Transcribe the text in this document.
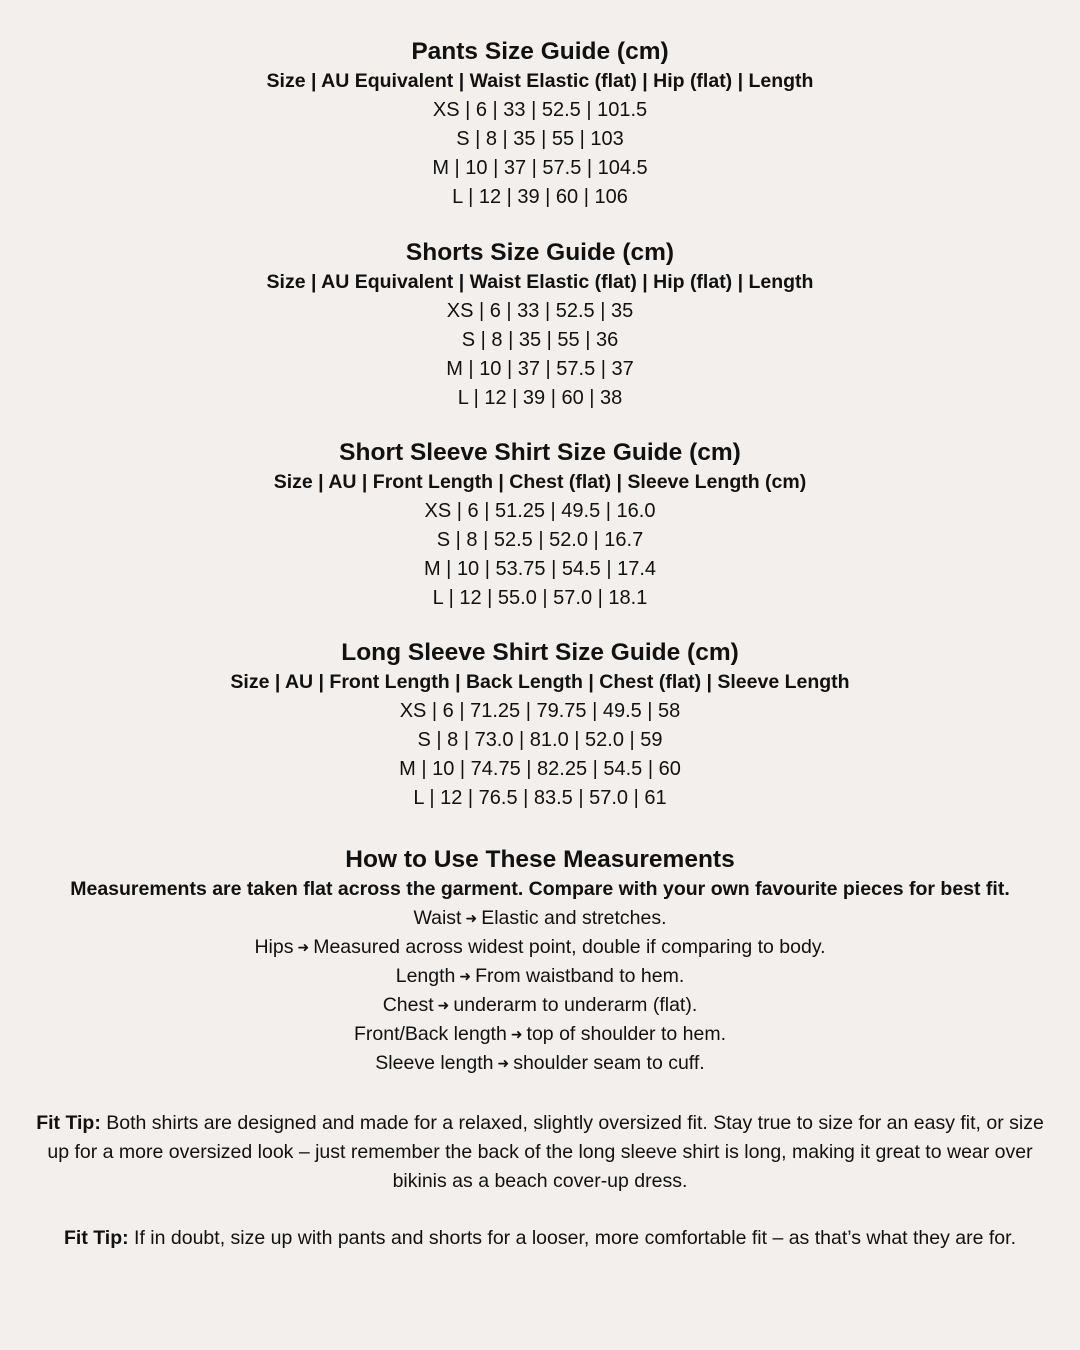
Pants Size Guide (cm)
Size | AU Equivalent | Waist Elastic (flat) | Hip (flat) | Length
XS | 6 | 33 | 52.5 | 101.5
S | 8 | 35 | 55 | 103
M | 10 | 37 | 57.5 | 104.5
L | 12 | 39 | 60 | 106
Shorts Size Guide (cm)
Size | AU Equivalent | Waist Elastic (flat) | Hip (flat) | Length
XS | 6 | 33 | 52.5 | 35
S | 8 | 35 | 55 | 36
M | 10 | 37 | 57.5 | 37
L | 12 | 39 | 60 | 38
Short Sleeve Shirt Size Guide (cm)
Size | AU | Front Length | Chest (flat) | Sleeve Length (cm)
XS | 6 | 51.25 | 49.5 | 16.0
S | 8 | 52.5 | 52.0 | 16.7
M | 10 | 53.75 | 54.5 | 17.4
L | 12 | 55.0 | 57.0 | 18.1
Long Sleeve Shirt Size Guide (cm)
Size | AU | Front Length | Back Length | Chest (flat) | Sleeve Length
XS | 6 | 71.25 | 79.75 | 49.5 | 58
S | 8 | 73.0 | 81.0 | 52.0 | 59
M | 10 | 74.75 | 82.25 | 54.5 | 60
L | 12 | 76.5 | 83.5 | 57.0 | 61
How to Use These Measurements
Measurements are taken flat across the garment. Compare with your own favourite pieces for best fit.
Waist ➜ Elastic and stretches.
Hips ➜ Measured across widest point, double if comparing to body.
Length ➜ From waistband to hem.
Chest ➜ underarm to underarm (flat).
Front/Back length ➜ top of shoulder to hem.
Sleeve length ➜ shoulder seam to cuff.
Fit Tip: Both shirts are designed and made for a relaxed, slightly oversized fit. Stay true to size for an easy fit, or size up for a more oversized look – just remember the back of the long sleeve shirt is long, making it great to wear over bikinis as a beach cover-up dress.
Fit Tip: If in doubt, size up with pants and shorts for a looser, more comfortable fit – as that’s what they are for.
